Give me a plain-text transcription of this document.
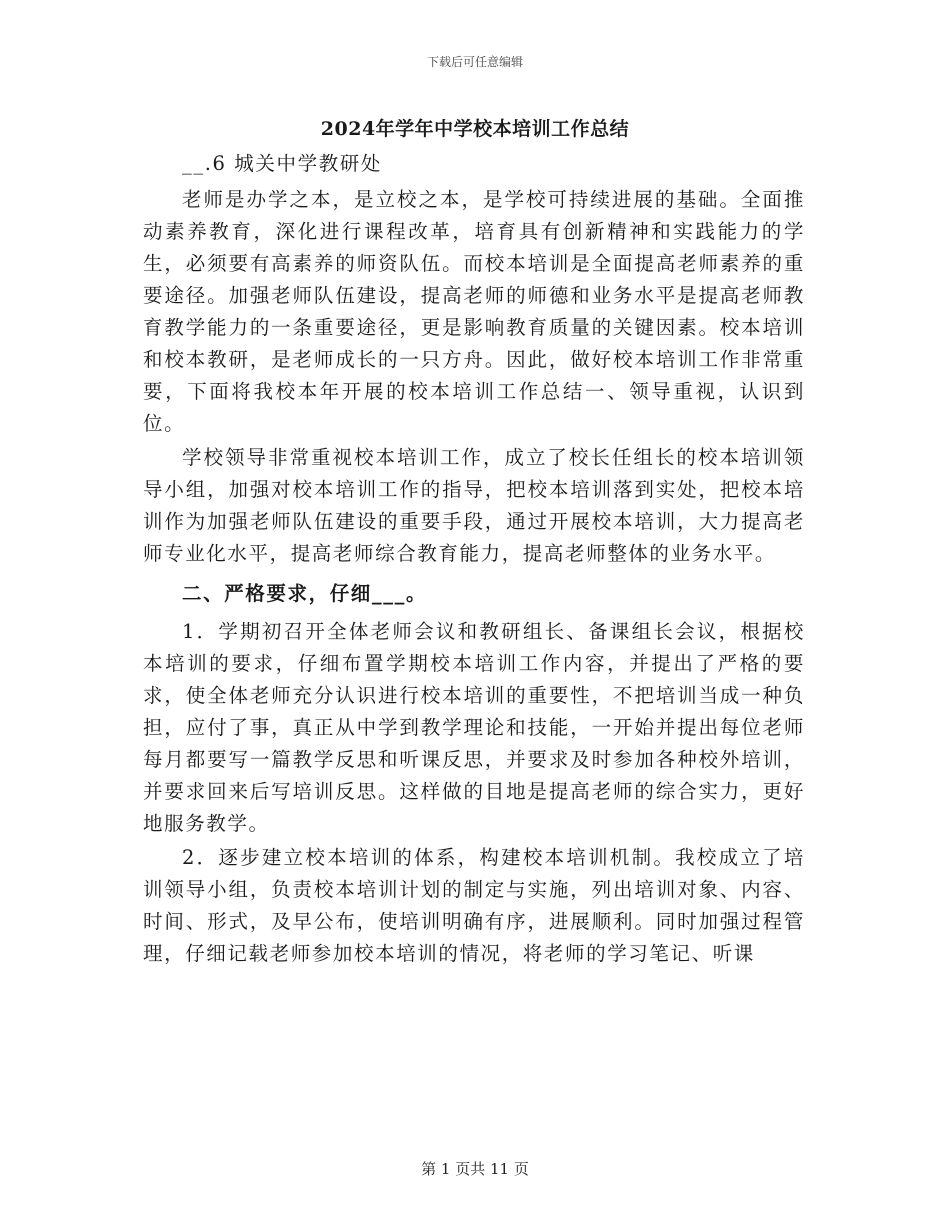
下载后可任意编辑
2024年学年中学校本培训工作总结

__.6 城关中学教研处

老师是办学之本，是立校之本，是学校可持续进展的基础。全面推动素养教育，深化进行课程改革，培育具有创新精神和实践能力的学生，必须要有高素养的师资队伍。而校本培训是全面提高老师素养的重要途径。加强老师队伍建设，提高老师的师德和业务水平是提高老师教育教学能力的一条重要途径，更是影响教育质量的关键因素。校本培训和校本教研，是老师成长的一只方舟。因此，做好校本培训工作非常重要，下面将我校本年开展的校本培训工作总结一、领导重视，认识到位。

学校领导非常重视校本培训工作，成立了校长任组长的校本培训领导小组，加强对校本培训工作的指导，把校本培训落到实处，把校本培训作为加强老师队伍建设的重要手段，通过开展校本培训，大力提高老师专业化水平，提高老师综合教育能力，提高老师整体的业务水平。

二、严格要求，仔细___。

1．学期初召开全体老师会议和教研组长、备课组长会议，根据校本培训的要求，仔细布置学期校本培训工作内容，并提出了严格的要求，使全体老师充分认识进行校本培训的重要性，不把培训当成一种负担，应付了事，真正从中学到教学理论和技能，一开始并提出每位老师每月都要写一篇教学反思和听课反思，并要求及时参加各种校外培训，并要求回来后写培训反思。这样做的目地是提高老师的综合实力，更好地服务教学。

2．逐步建立校本培训的体系，构建校本培训机制。我校成立了培训领导小组，负责校本培训计划的制定与实施，列出培训对象、内容、时间、形式，及早公布，使培训明确有序，进展顺利。同时加强过程管理，仔细记载老师参加校本培训的情况，将老师的学习笔记、听课

第 1 页共 11 页
